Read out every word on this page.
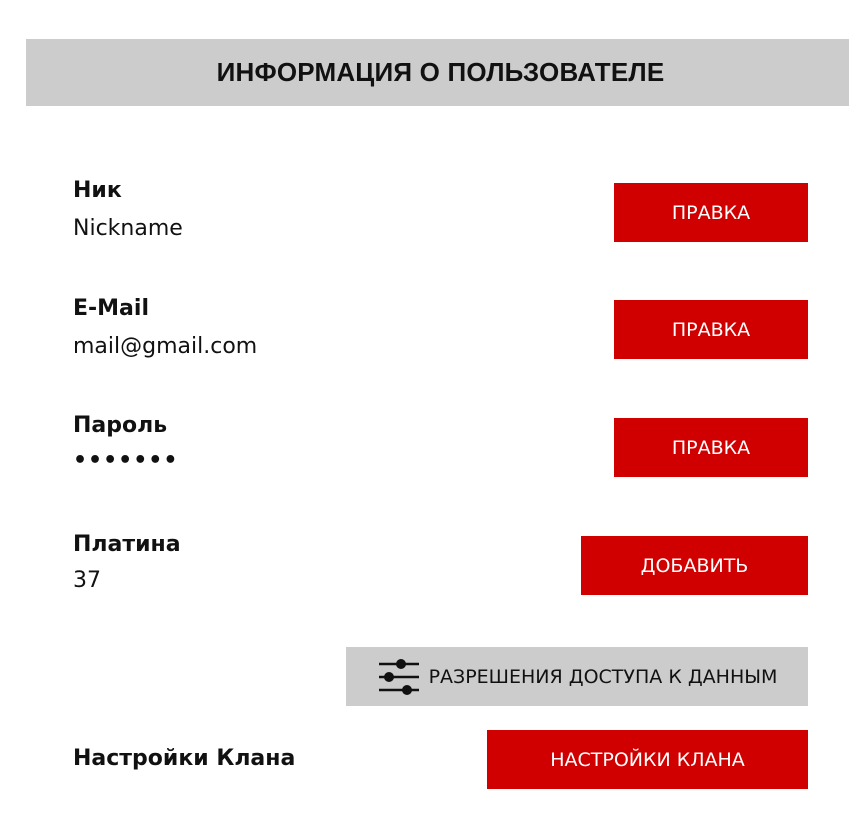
ИНФОРМАЦИЯ О ПОЛЬЗОВАТЕЛЕ
Ник
Nickname
ПРАВКА
E-Mail
mail@gmail.com
ПРАВКА
Пароль
•••••••
ПРАВКА
Платина
37
ДОБАВИТЬ
РАЗРЕШЕНИЯ ДОСТУПА К ДАННЫМ
Настройки Клана	НАСТРОЙКИ КЛАНА
